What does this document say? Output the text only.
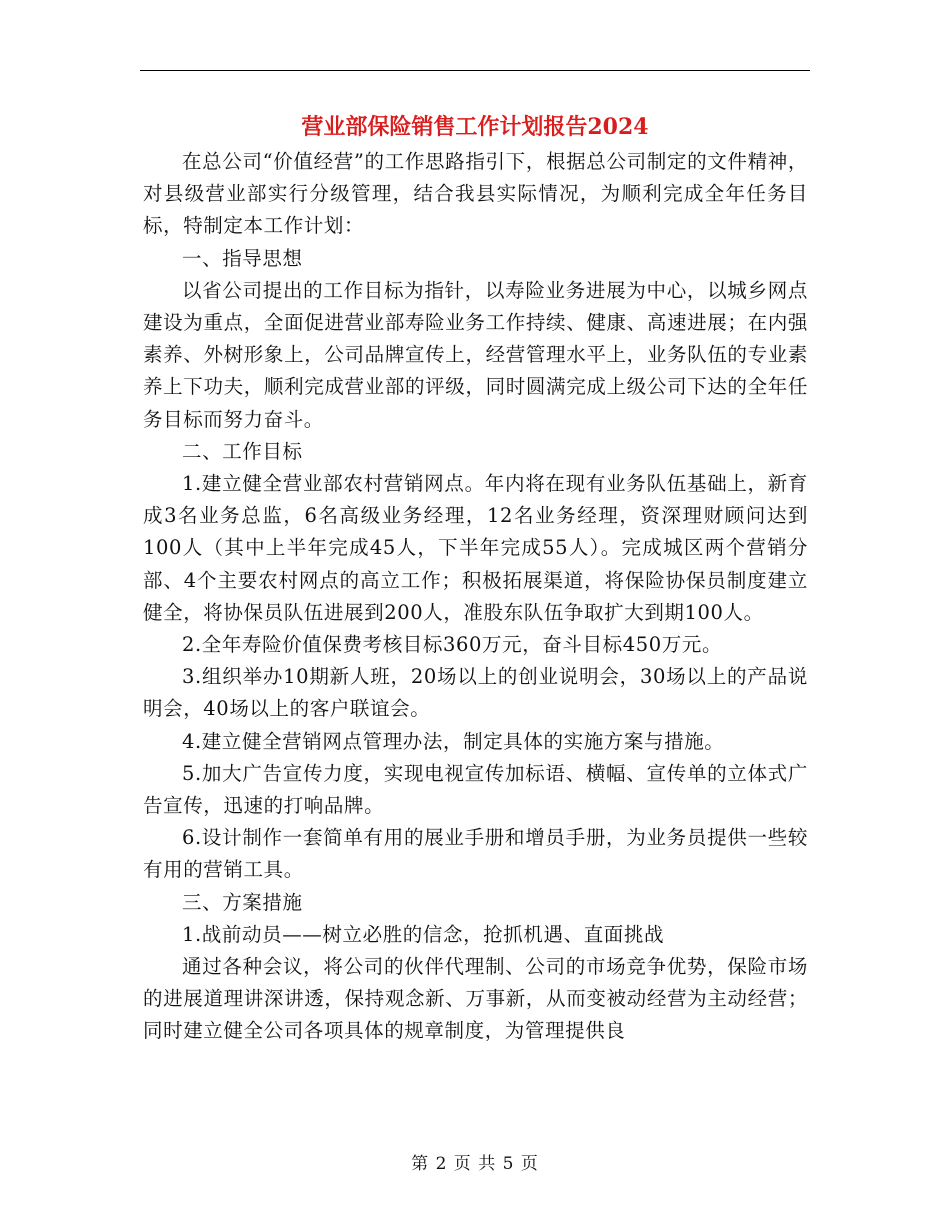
营业部保险销售工作计划报告2024

在总公司“价值经营”的工作思路指引下，根据总公司制定的文件精神，对县级营业部实行分级管理，结合我县实际情况，为顺利完成全年任务目标，特制定本工作计划：

一、指导思想

以省公司提出的工作目标为指针，以寿险业务进展为中心，以城乡网点建设为重点，全面促进营业部寿险业务工作持续、健康、高速进展；在内强素养、外树形象上，公司品牌宣传上，经营管理水平上，业务队伍的专业素养上下功夫，顺利完成营业部的评级，同时圆满完成上级公司下达的全年任务目标而努力奋斗。

二、工作目标

1.建立健全营业部农村营销网点。年内将在现有业务队伍基础上，新育成3名业务总监，6名高级业务经理，12名业务经理，资深理财顾问达到100人（其中上半年完成45人，下半年完成55人）。完成城区两个营销分部、4个主要农村网点的高立工作；积极拓展渠道，将保险协保员制度建立健全，将协保员队伍进展到200人，准股东队伍争取扩大到期100人。

2.全年寿险价值保费考核目标360万元，奋斗目标450万元。

3.组织举办10期新人班，20场以上的创业说明会，30场以上的产品说明会，40场以上的客户联谊会。

4.建立健全营销网点管理办法，制定具体的实施方案与措施。

5.加大广告宣传力度，实现电视宣传加标语、横幅、宣传单的立体式广告宣传，迅速的打响品牌。

6.设计制作一套简单有用的展业手册和增员手册，为业务员提供一些较有用的营销工具。

三、方案措施

1.战前动员——树立必胜的信念，抢抓机遇、直面挑战

通过各种会议，将公司的伙伴代理制、公司的市场竞争优势，保险市场的进展道理讲深讲透，保持观念新、万事新，从而变被动经营为主动经营；同时建立健全公司各项具体的规章制度，为管理提供良

第 2 页 共 5 页
